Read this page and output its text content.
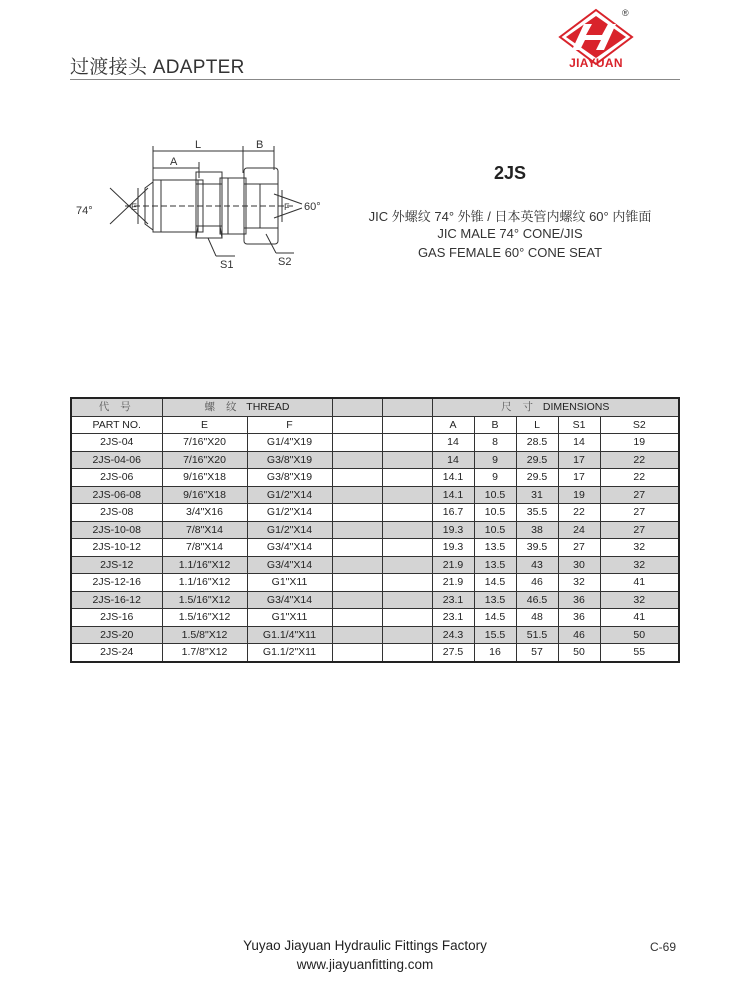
过渡接头 ADAPTER
®
JIAYUAN
L	B
A
74°	60°
E	F
S1	S2
2JS
JIC 外螺纹 74° 外锥 / 日本英管内螺纹 60° 内锥面
JIC MALE 74° CONE/JIS
GAS FEMALE 60° CONE SEAT
代 号	螺 纹 THREAD				尺 寸 DIMENSIONS				
PART NO.	E	F			A	B	L	S1	S2
2JS-04	7/16"X20	G1/4"X19			14	8	28.5	14	19
2JS-04-06	7/16"X20	G3/8"X19			14	9	29.5	17	22
2JS-06	9/16"X18	G3/8"X19			14.1	9	29.5	17	22
2JS-06-08	9/16"X18	G1/2"X14			14.1	10.5	31	19	27
2JS-08	3/4"X16	G1/2"X14			16.7	10.5	35.5	22	27
2JS-10-08	7/8"X14	G1/2"X14			19.3	10.5	38	24	27
2JS-10-12	7/8"X14	G3/4"X14			19.3	13.5	39.5	27	32
2JS-12	1.1/16"X12	G3/4"X14			21.9	13.5	43	30	32
2JS-12-16	1.1/16"X12	G1"X11			21.9	14.5	46	32	41
2JS-16-12	1.5/16"X12	G3/4"X14			23.1	13.5	46.5	36	32
2JS-16	1.5/16"X12	G1"X11			23.1	14.5	48	36	41
2JS-20	1.5/8"X12	G1.1/4"X11			24.3	15.5	51.5	46	50
2JS-24	1.7/8"X12	G1.1/2"X11			27.5	16	57	50	55
Yuyao Jiayuan Hydraulic Fittings Factory
www.jiayuanfitting.com
C-69
